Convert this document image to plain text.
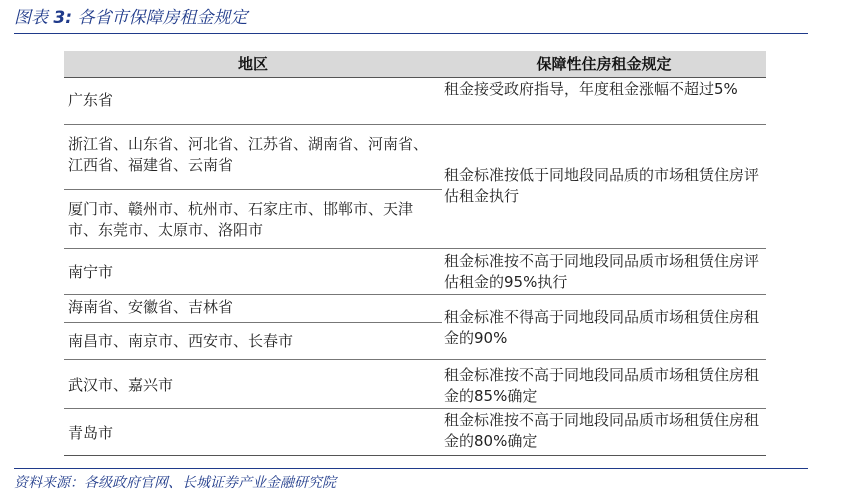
图表 3: 各省市保障房租金规定
地区	保障性住房租金规定
广东省
租金接受政府指导，年度租金涨幅不超过5%
浙江省、山东省、河北省、江苏省、湖南省、河南省、江西省、福建省、云南省
厦门市、赣州市、杭州市、石家庄市、邯郸市、天津市、东莞市、太原市、洛阳市
租金标准按低于同地段同品质的市场租赁住房评估租金执行
南宁市
租金标准按不高于同地段同品质市场租赁住房评估租金的95%执行
海南省、安徽省、吉林省
南昌市、南京市、西安市、长春市
租金标准不得高于同地段同品质市场租赁住房租金的90%
武汉市、嘉兴市
租金标准按不高于同地段同品质市场租赁住房租金的85%确定
青岛市
租金标准按不高于同地段同品质市场租赁住房租金的80%确定
资料来源：各级政府官网、长城证券产业金融研究院
